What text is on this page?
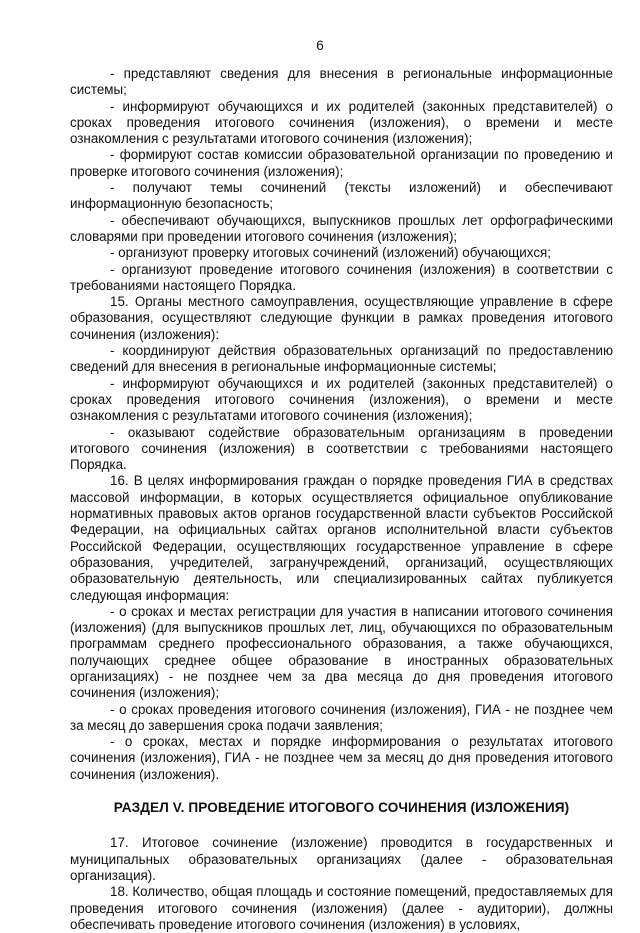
6

- представляют сведения для внесения в региональные информационные системы;

- информируют обучающихся и их родителей (законных представителей) о сроках проведения итогового сочинения (изложения), о времени и месте ознакомления с результатами итогового сочинения (изложения);

- формируют состав комиссии образовательной организации по проведению и проверке итогового сочинения (изложения);

- получают темы сочинений (тексты изложений) и обеспечивают информационную безопасность;

- обеспечивают обучающихся, выпускников прошлых лет орфографическими словарями при проведении итогового сочинения (изложения);

- организуют проверку итоговых сочинений (изложений) обучающихся;

- организуют проведение итогового сочинения (изложения) в соответствии с требованиями настоящего Порядка.

15. Органы местного самоуправления, осуществляющие управление в сфере образования, осуществляют следующие функции в рамках проведения итогового сочинения (изложения):

- координируют действия образовательных организаций по предоставлению сведений для внесения в региональные информационные системы;

- информируют обучающихся и их родителей (законных представителей) о сроках проведения итогового сочинения (изложения), о времени и месте ознакомления с результатами итогового сочинения (изложения);

- оказывают содействие образовательным организациям в проведении итогового сочинения (изложения) в соответствии с требованиями настоящего Порядка.

16. В целях информирования граждан о порядке проведения ГИА в средствах массовой информации, в которых осуществляется официальное опубликование нормативных правовых актов органов государственной власти субъектов Российской Федерации, на официальных сайтах органов исполнительной власти субъектов Российской Федерации, осуществляющих государственное управление в сфере образования, учредителей, загранучреждений, организаций, осуществляющих образовательную деятельность, или специализированных сайтах публикуется следующая информация:

- о сроках и местах регистрации для участия в написании итогового сочинения (изложения) (для выпускников прошлых лет, лиц, обучающихся по образовательным программам среднего профессионального образования, а также обучающихся, получающих среднее общее образование в иностранных образовательных организациях) - не позднее чем за два месяца до дня проведения итогового сочинения (изложения);

- о сроках проведения итогового сочинения (изложения), ГИА - не позднее чем за месяц до завершения срока подачи заявления;

- о сроках, местах и порядке информирования о результатах итогового сочинения (изложения), ГИА - не позднее чем за месяц до дня проведения итогового сочинения (изложения).

РАЗДЕЛ V. ПРОВЕДЕНИЕ ИТОГОВОГО СОЧИНЕНИЯ (ИЗЛОЖЕНИЯ)

17. Итоговое сочинение (изложение) проводится в государственных и муниципальных образовательных организациях (далее - образовательная организация).

18. Количество, общая площадь и состояние помещений, предоставляемых для проведения итогового сочинения (изложения) (далее - аудитории), должны обеспечивать проведение итогового сочинения (изложения) в условиях,
